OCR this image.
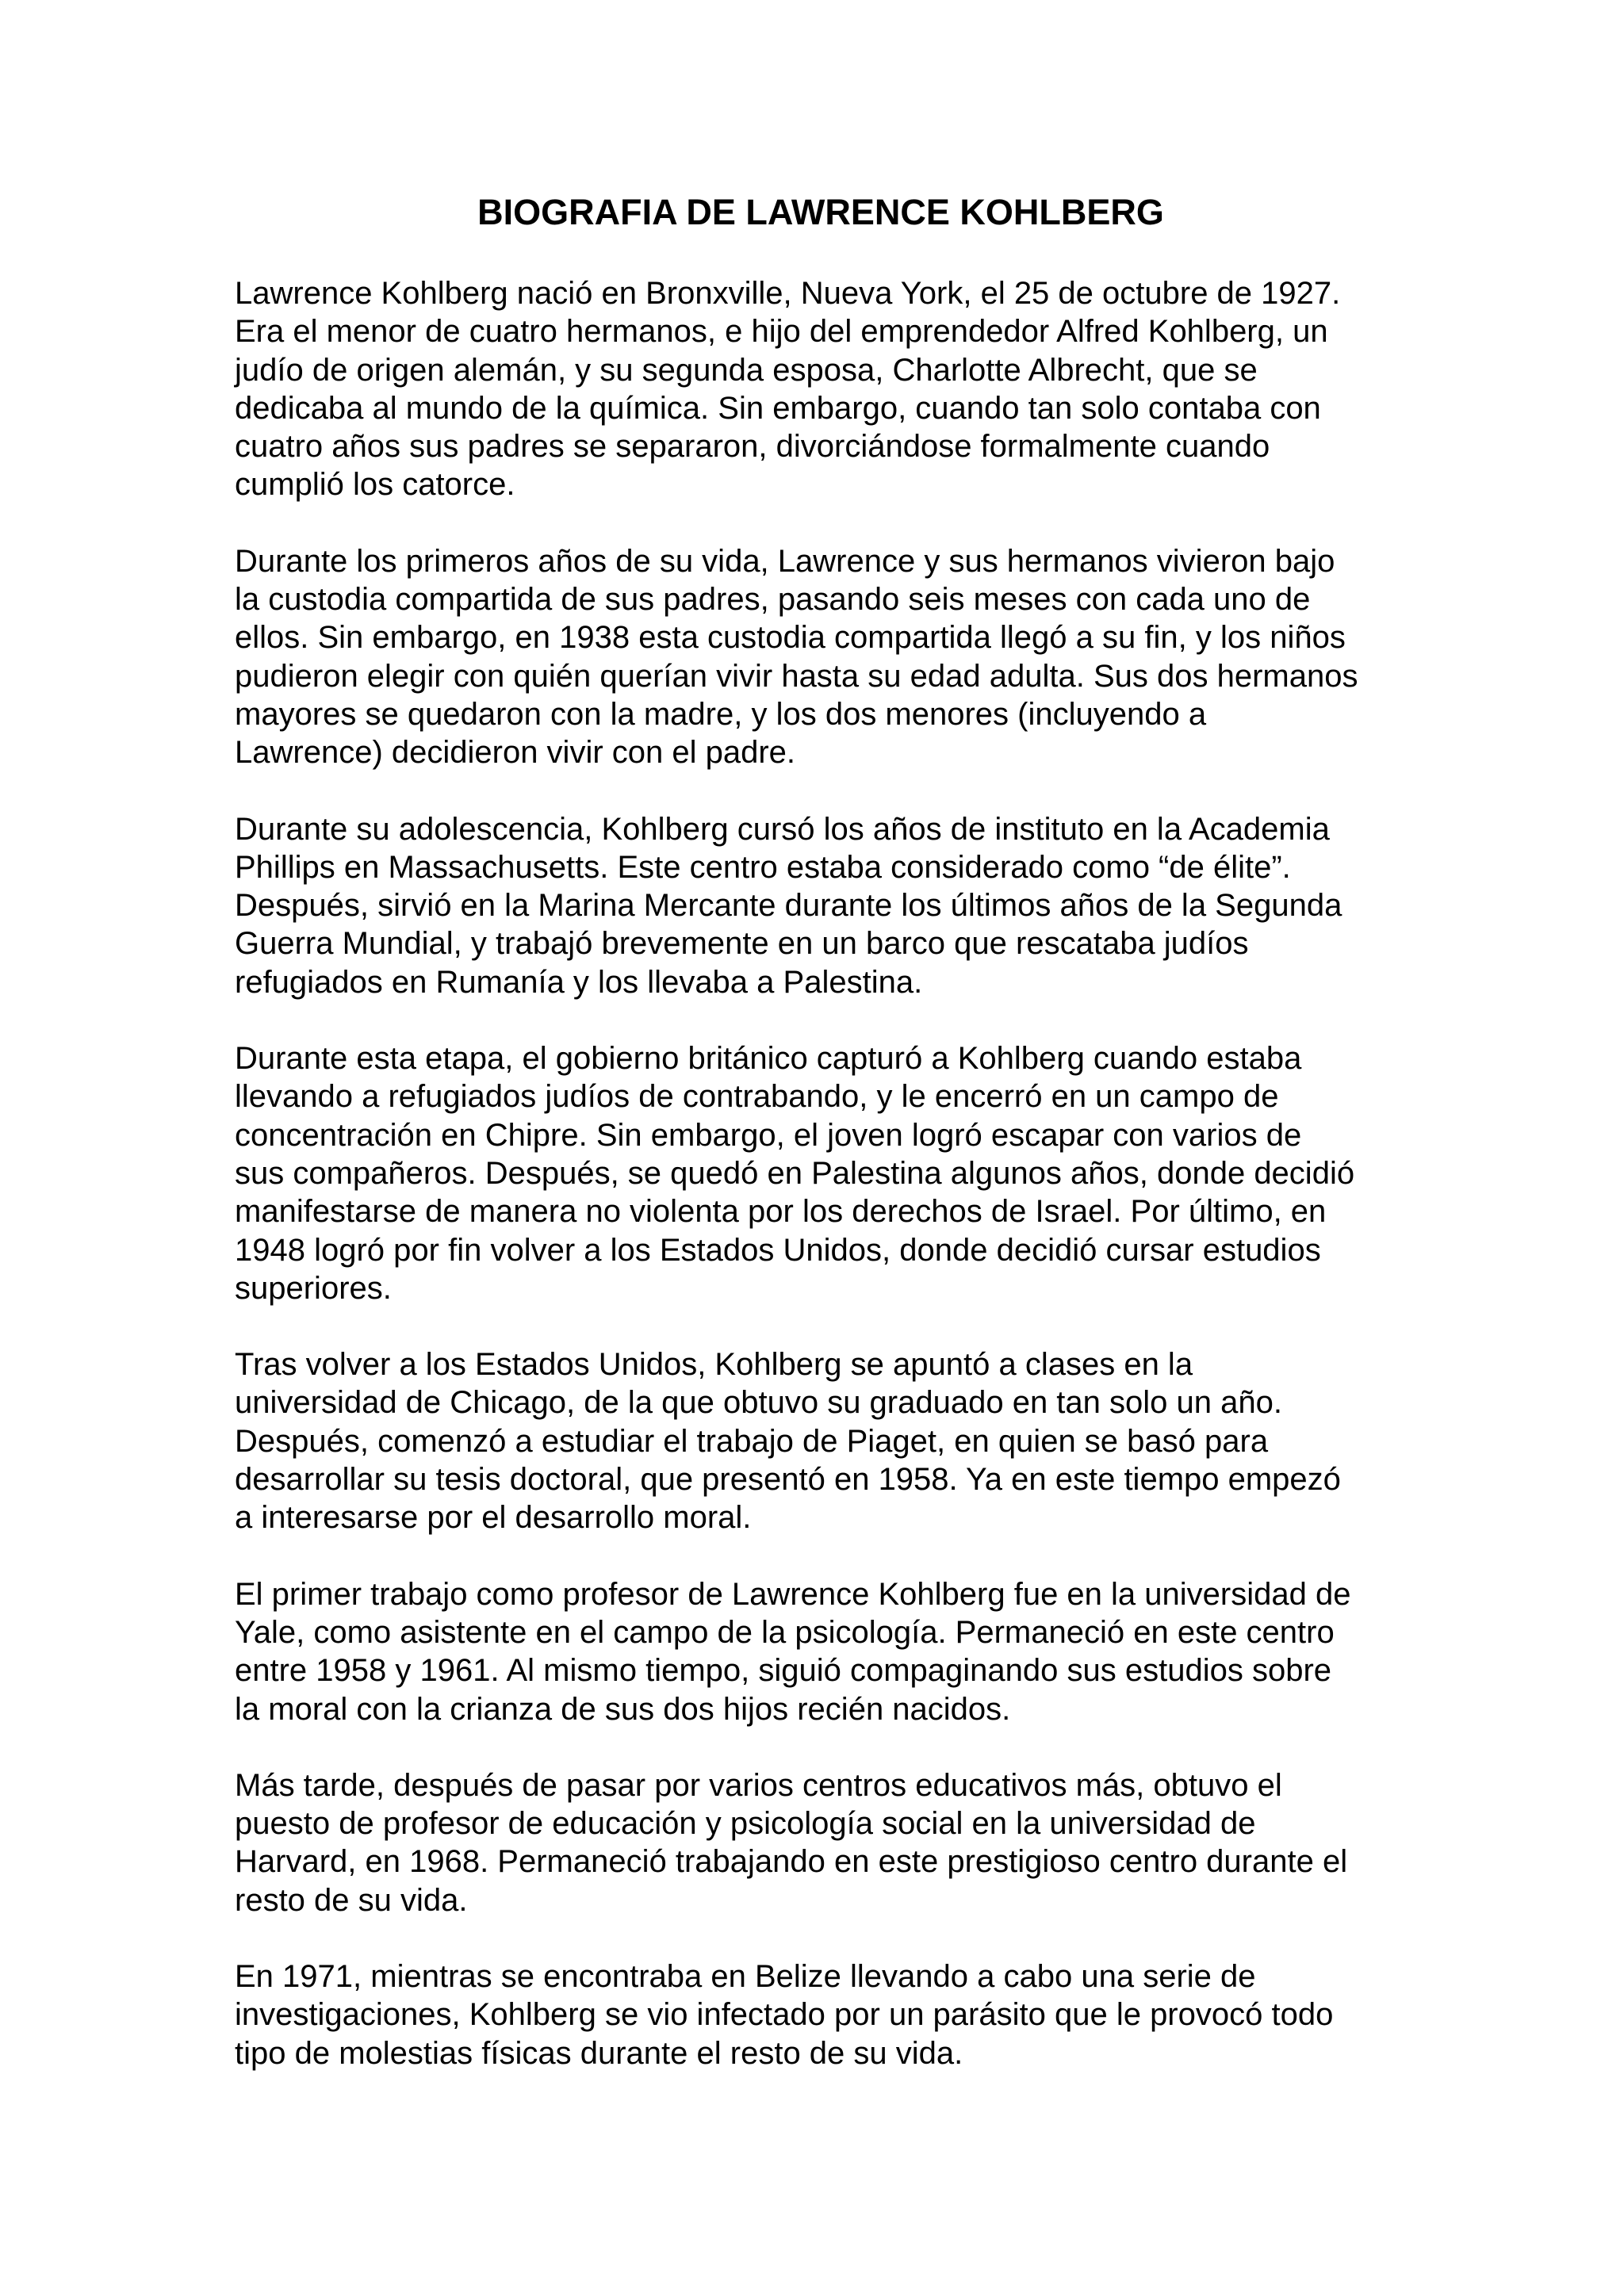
BIOGRAFIA DE LAWRENCE KOHLBERG

Lawrence Kohlberg nació en Bronxville, Nueva York, el 25 de octubre de 1927.
Era el menor de cuatro hermanos, e hijo del emprendedor Alfred Kohlberg, un
judío de origen alemán, y su segunda esposa, Charlotte Albrecht, que se
dedicaba al mundo de la química. Sin embargo, cuando tan solo contaba con
cuatro años sus padres se separaron, divorciándose formalmente cuando
cumplió los catorce.

Durante los primeros años de su vida, Lawrence y sus hermanos vivieron bajo
la custodia compartida de sus padres, pasando seis meses con cada uno de
ellos. Sin embargo, en 1938 esta custodia compartida llegó a su fin, y los niños
pudieron elegir con quién querían vivir hasta su edad adulta. Sus dos hermanos
mayores se quedaron con la madre, y los dos menores (incluyendo a
Lawrence) decidieron vivir con el padre.

Durante su adolescencia, Kohlberg cursó los años de instituto en la Academia
Phillips en Massachusetts. Este centro estaba considerado como “de élite”.
Después, sirvió en la Marina Mercante durante los últimos años de la Segunda
Guerra Mundial, y trabajó brevemente en un barco que rescataba judíos
refugiados en Rumanía y los llevaba a Palestina.

Durante esta etapa, el gobierno británico capturó a Kohlberg cuando estaba
llevando a refugiados judíos de contrabando, y le encerró en un campo de
concentración en Chipre. Sin embargo, el joven logró escapar con varios de
sus compañeros. Después, se quedó en Palestina algunos años, donde decidió
manifestarse de manera no violenta por los derechos de Israel. Por último, en
1948 logró por fin volver a los Estados Unidos, donde decidió cursar estudios
superiores.

Tras volver a los Estados Unidos, Kohlberg se apuntó a clases en la
universidad de Chicago, de la que obtuvo su graduado en tan solo un año.
Después, comenzó a estudiar el trabajo de Piaget, en quien se basó para
desarrollar su tesis doctoral, que presentó en 1958. Ya en este tiempo empezó
a interesarse por el desarrollo moral.

El primer trabajo como profesor de Lawrence Kohlberg fue en la universidad de
Yale, como asistente en el campo de la psicología. Permaneció en este centro
entre 1958 y 1961. Al mismo tiempo, siguió compaginando sus estudios sobre
la moral con la crianza de sus dos hijos recién nacidos.

Más tarde, después de pasar por varios centros educativos más, obtuvo el
puesto de profesor de educación y psicología social en la universidad de
Harvard, en 1968. Permaneció trabajando en este prestigioso centro durante el
resto de su vida.

En 1971, mientras se encontraba en Belize llevando a cabo una serie de
investigaciones, Kohlberg se vio infectado por un parásito que le provocó todo
tipo de molestias físicas durante el resto de su vida.
